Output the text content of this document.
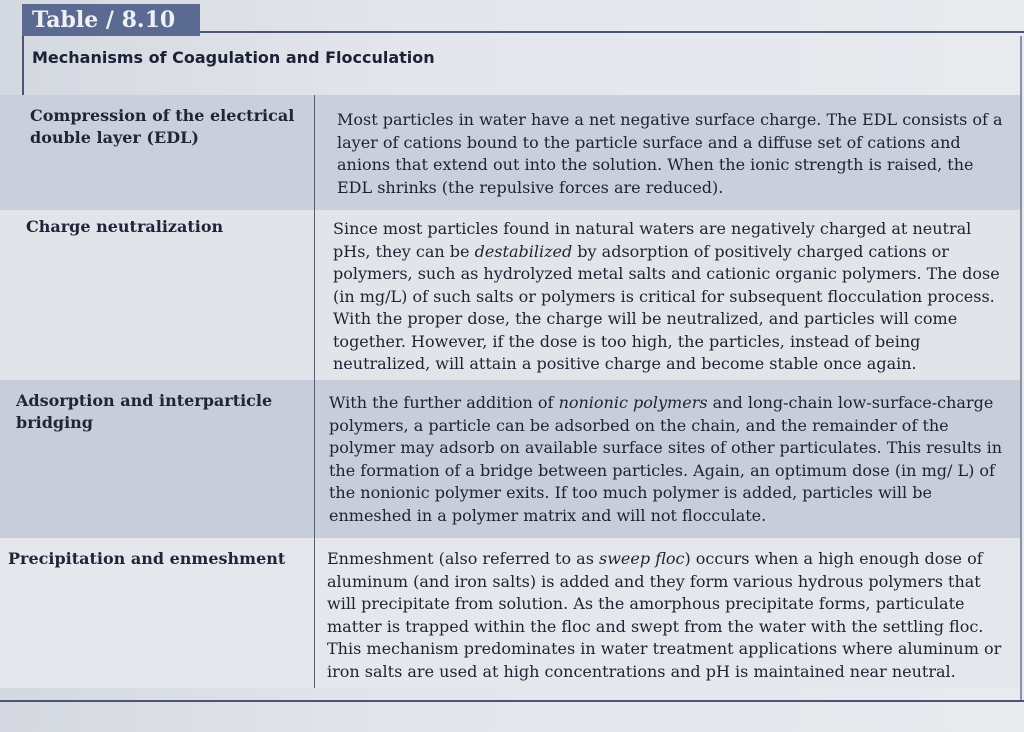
Table / 8.10
Mechanisms of Coagulation and Flocculation
Compression of the electrical
double layer (EDL)
Most particles in water have a net negative surface charge. The EDL consists of a layer of cations bound to the particle surface and a diffuse set of cations and anions that extend out into the solution. When the ionic strength is raised, the EDL shrinks (the repulsive forces are reduced).
Charge neutralization	Since most particles found in natural waters are negatively charged at neutral pHs, they can be destabilized by adsorption of positively charged cations or polymers, such as hydrolyzed metal salts and cationic organic polymers. The dose (in mg/L) of such salts or polymers is critical for subsequent flocculation process. With the proper dose, the charge will be neutralized, and particles will come together. However, if the dose is too high, the particles, instead of being neutralized, will attain a positive charge and become stable once again.
Adsorption and interparticle
bridging
With the further addition of nonionic polymers and long-chain low-surface-charge polymers, a particle can be adsorbed on the chain, and the remainder of the polymer may adsorb on available surface sites of other particulates. This results in the formation of a bridge between particles. Again, an optimum dose (in mg/ L) of the nonionic polymer exits. If too much polymer is added, particles will be enmeshed in a polymer matrix and will not flocculate.
Precipitation and enmeshment	Enmeshment (also referred to as sweep floc) occurs when a high enough dose of aluminum (and iron salts) is added and they form various hydrous polymers that will precipitate from solution. As the amorphous precipitate forms, particulate matter is trapped within the floc and swept from the water with the settling floc. This mechanism predominates in water treatment applications where aluminum or iron salts are used at high concentrations and pH is maintained near neutral.
